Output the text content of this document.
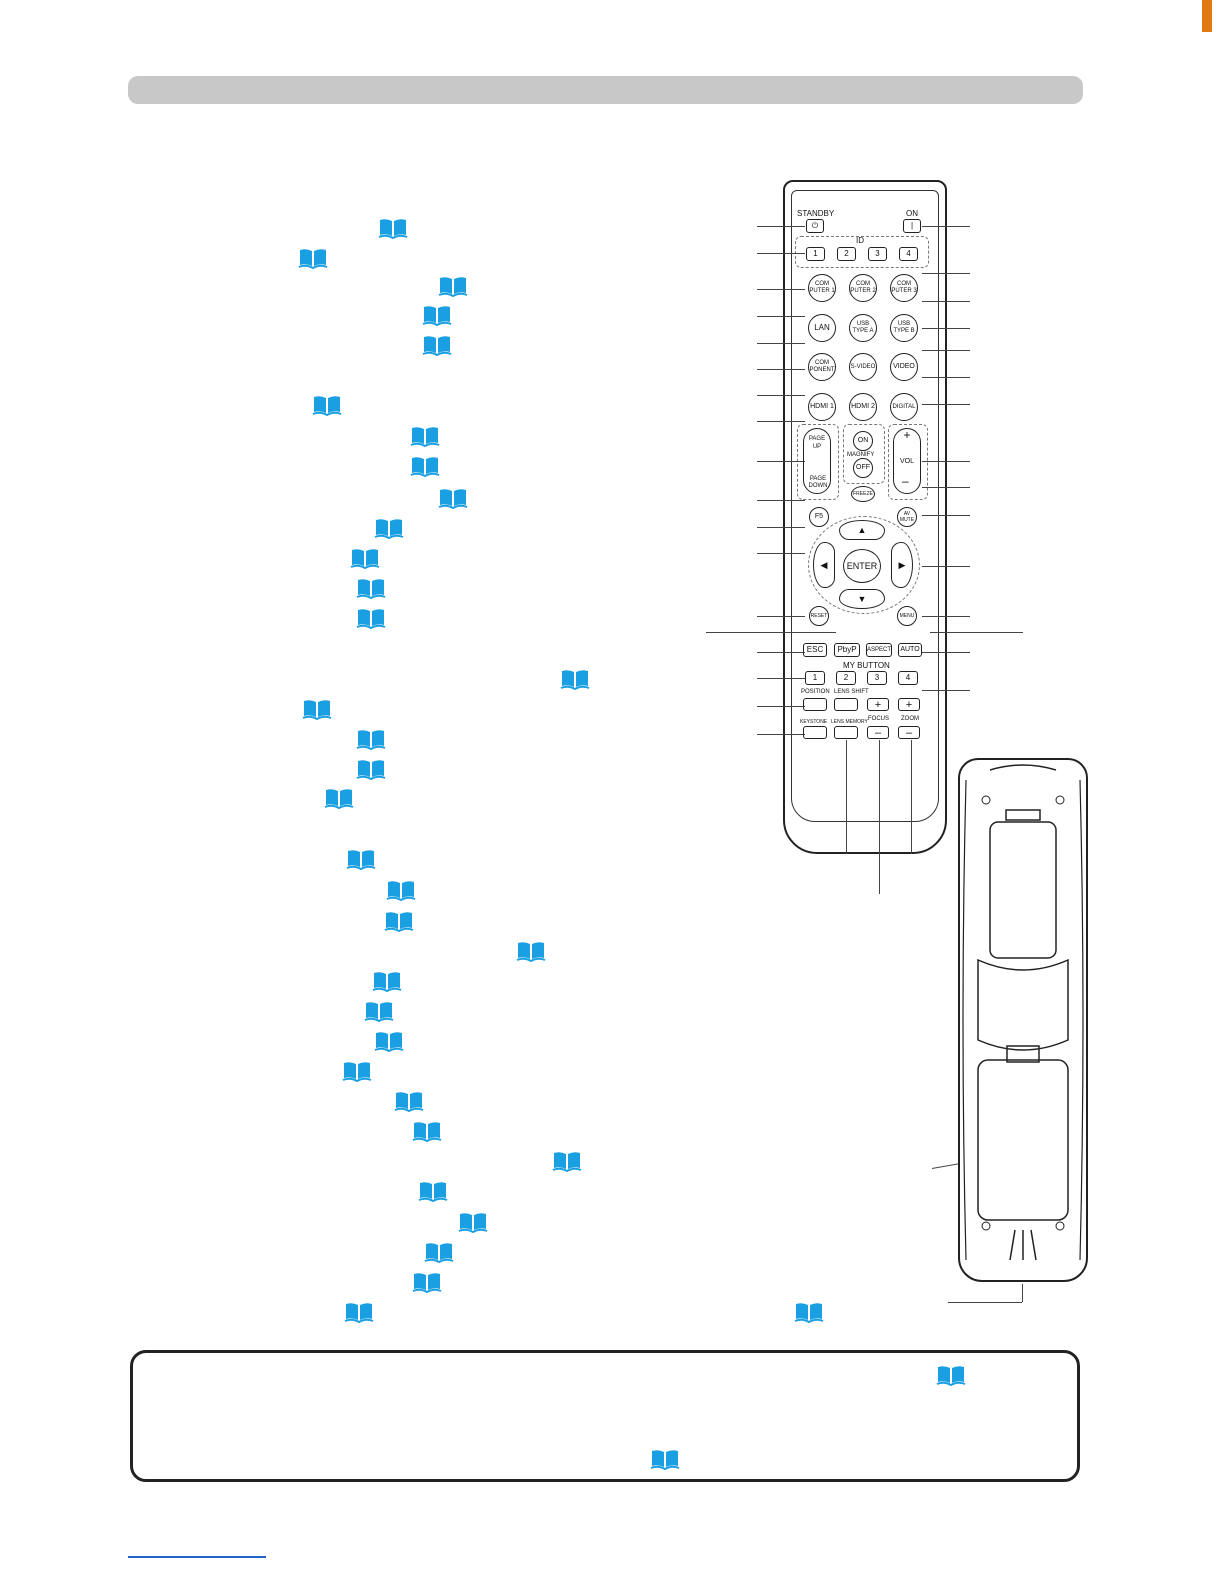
STANDBY	ON
⏻	|
ID
1	2	3	4
COM PUTER 1
COM PUTER 2
COM PUTER 3
LAN	USB TYPE A
USB TYPE B
COM PONENT	S-VIDEO	VIDEO
HDMI 1	HDMI 2	DIGITAL
PAGE UP
PAGE DOWN
ON
MAGNIFY
OFF
+
VOL
–
FREEZE
F5	AV MUTE
▲
▼
◀	▶
ENTER
RESET	MENU
ESC	PbyP	ASPECT	AUTO
MY BUTTON
1	2	3	4
POSITION LENS SHIFT
+	+
FOCUS ZOOM
KEYSTONE LENS MEMORY
–	–
